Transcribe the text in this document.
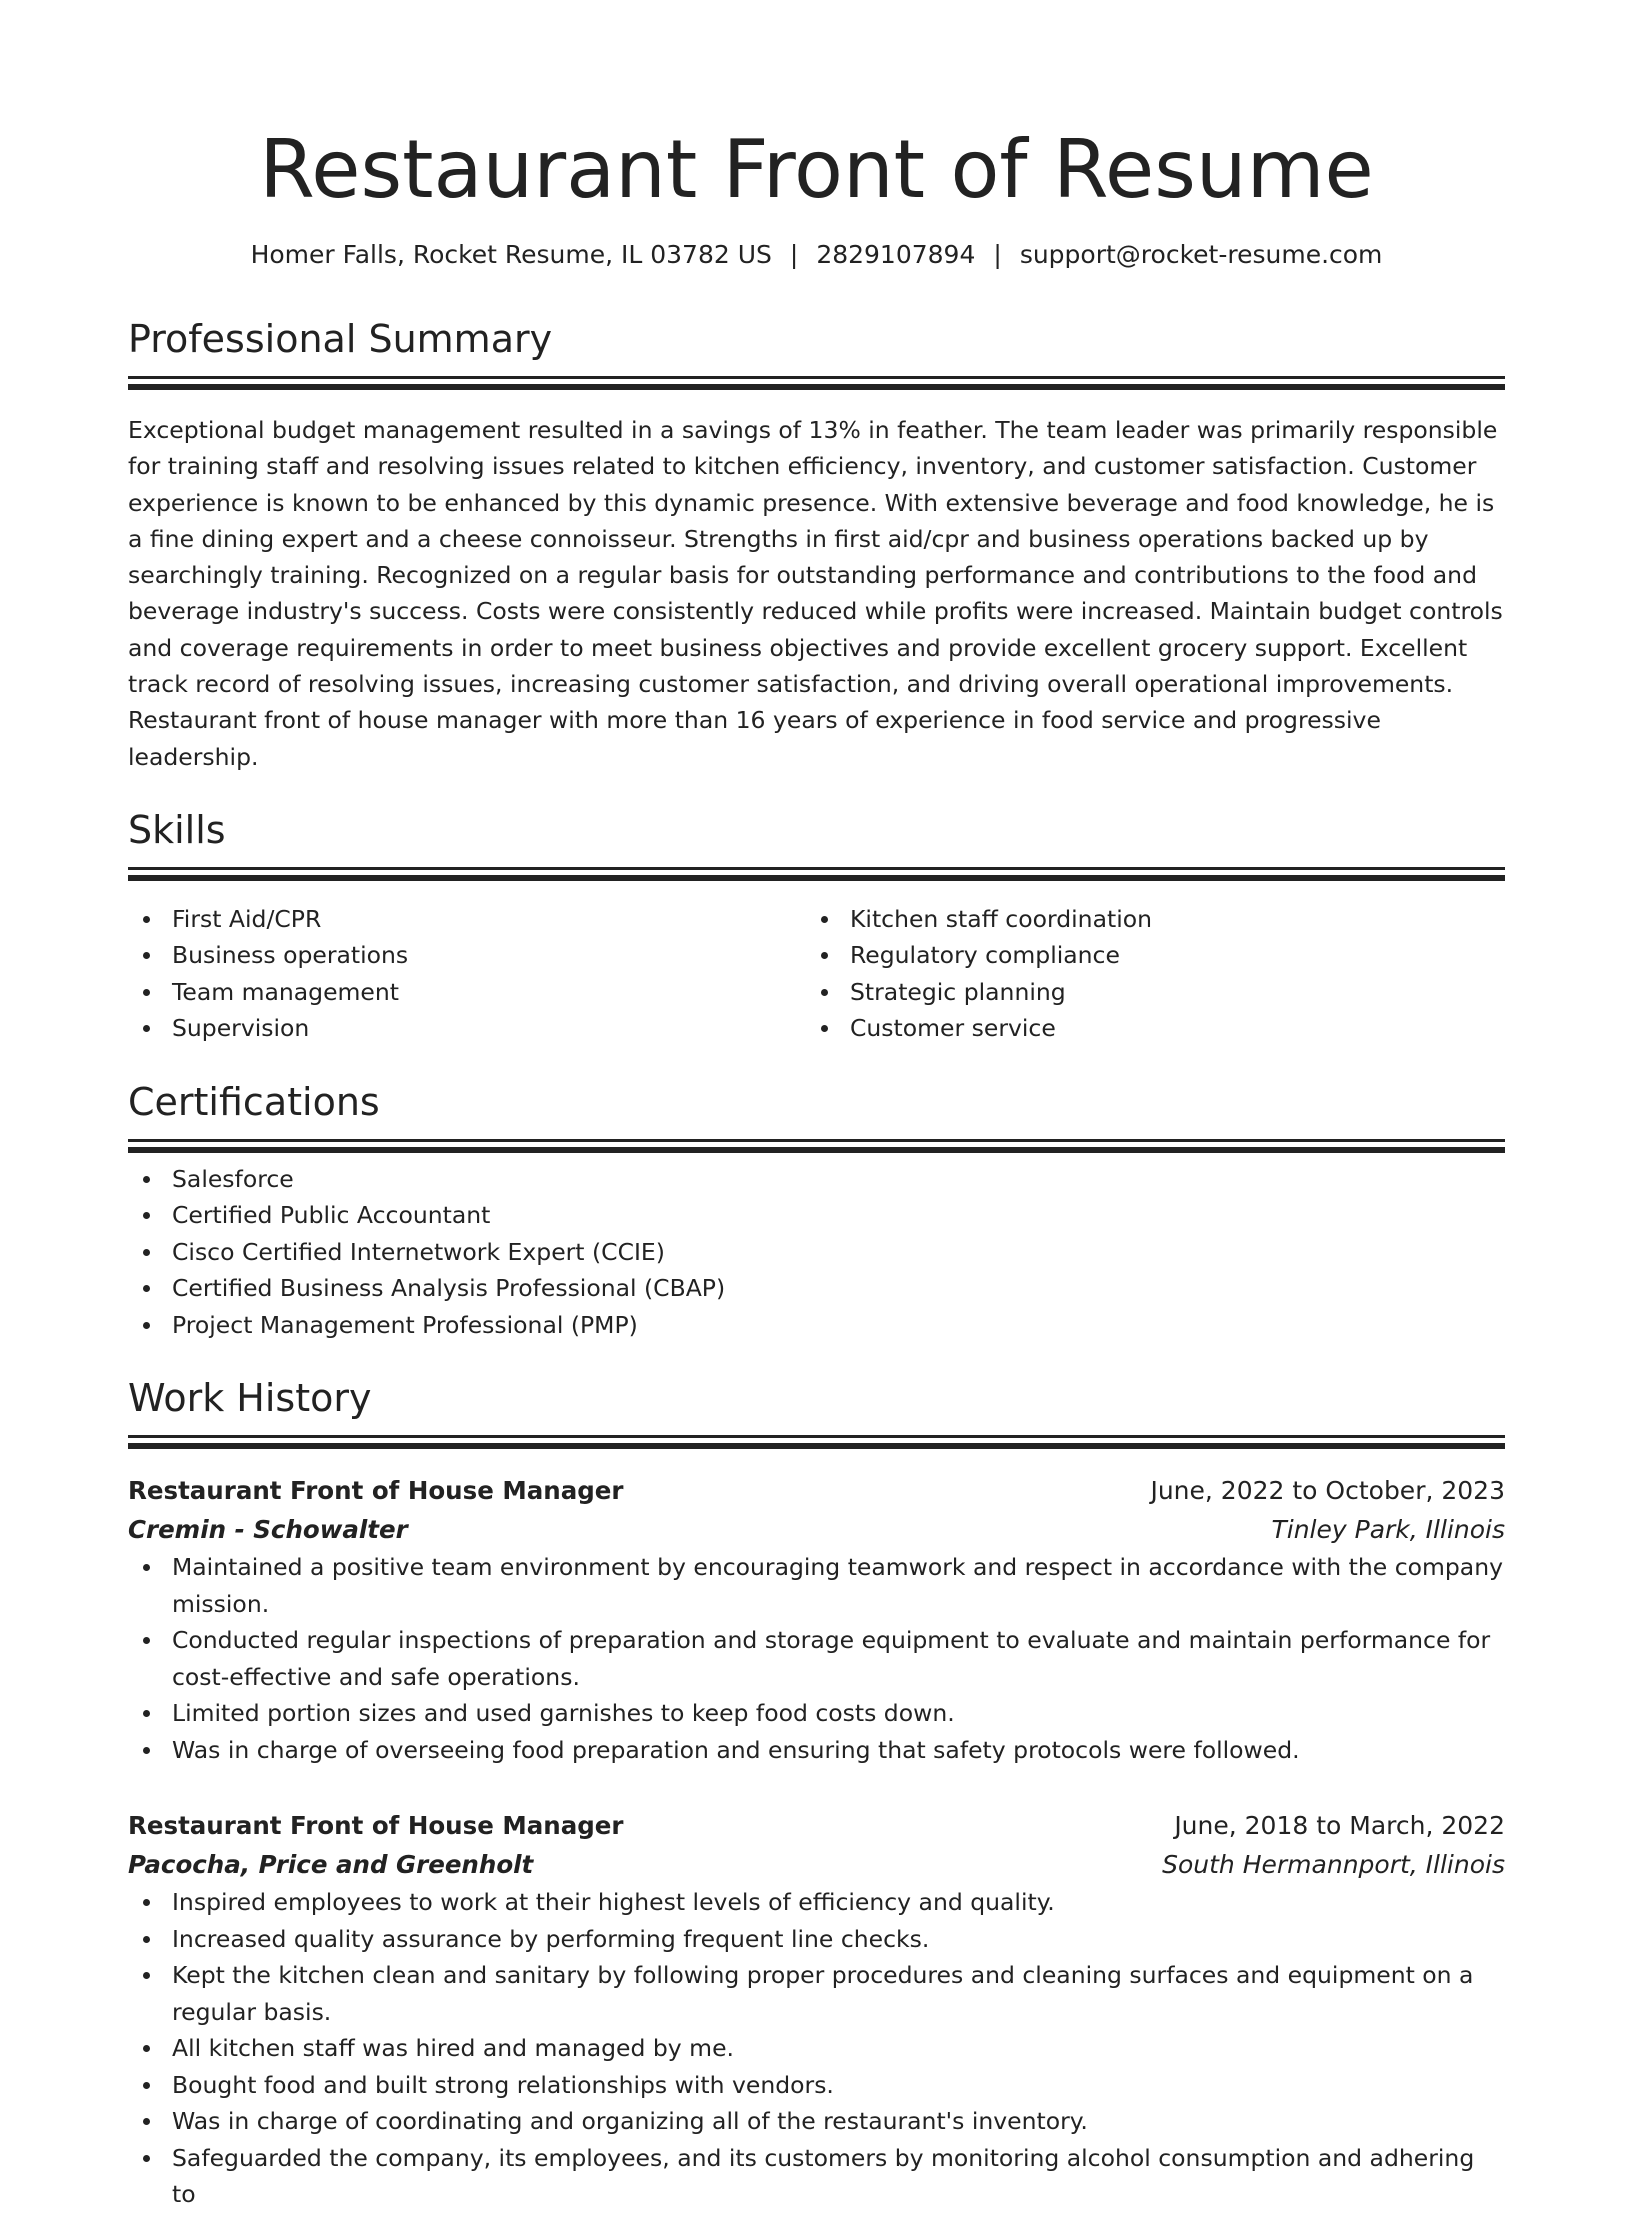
Restaurant Front of Resume
Homer Falls, Rocket Resume, IL 03782 US | 2829107894 | support@rocket-resume.com
Professional Summary

Exceptional budget management resulted in a savings of 13% in feather. The team leader was primarily responsible for training staff and resolving issues related to kitchen efficiency, inventory, and customer satisfaction. Customer experience is known to be enhanced by this dynamic presence. With extensive beverage and food knowledge, he is a fine dining expert and a cheese connoisseur. Strengths in first aid/cpr and business operations backed up by searchingly training. Recognized on a regular basis for outstanding performance and contributions to the food and beverage industry's success. Costs were consistently reduced while profits were increased. Maintain budget controls and coverage requirements in order to meet business objectives and provide excellent grocery support. Excellent track record of resolving issues, increasing customer satisfaction, and driving overall operational improvements. Restaurant front of house manager with more than 16 years of experience in food service and progressive leadership.

Skills
First Aid/CPR
Business operations
Team management
Supervision
Kitchen staff coordination
Regulatory compliance
Strategic planning
Customer service
Certifications
Salesforce
Certified Public Accountant
Cisco Certified Internetwork Expert (CCIE)
Certified Business Analysis Professional (CBAP)
Project Management Professional (PMP)
Work History
Restaurant Front of House Manager	June, 2022 to October, 2023
Cremin - Schowalter	Tinley Park, Illinois
Maintained a positive team environment by encouraging teamwork and respect in accordance with the company mission.
Conducted regular inspections of preparation and storage equipment to evaluate and maintain performance for cost-effective and safe operations.
Limited portion sizes and used garnishes to keep food costs down.
Was in charge of overseeing food preparation and ensuring that safety protocols were followed.
Restaurant Front of House Manager	June, 2018 to March, 2022
Pacocha, Price and Greenholt	South Hermannport, Illinois
Inspired employees to work at their highest levels of efficiency and quality.
Increased quality assurance by performing frequent line checks.
Kept the kitchen clean and sanitary by following proper procedures and cleaning surfaces and equipment on a regular basis.
All kitchen staff was hired and managed by me.
Bought food and built strong relationships with vendors.
Was in charge of coordinating and organizing all of the restaurant's inventory.
Safeguarded the company, its employees, and its customers by monitoring alcohol consumption and adhering to
